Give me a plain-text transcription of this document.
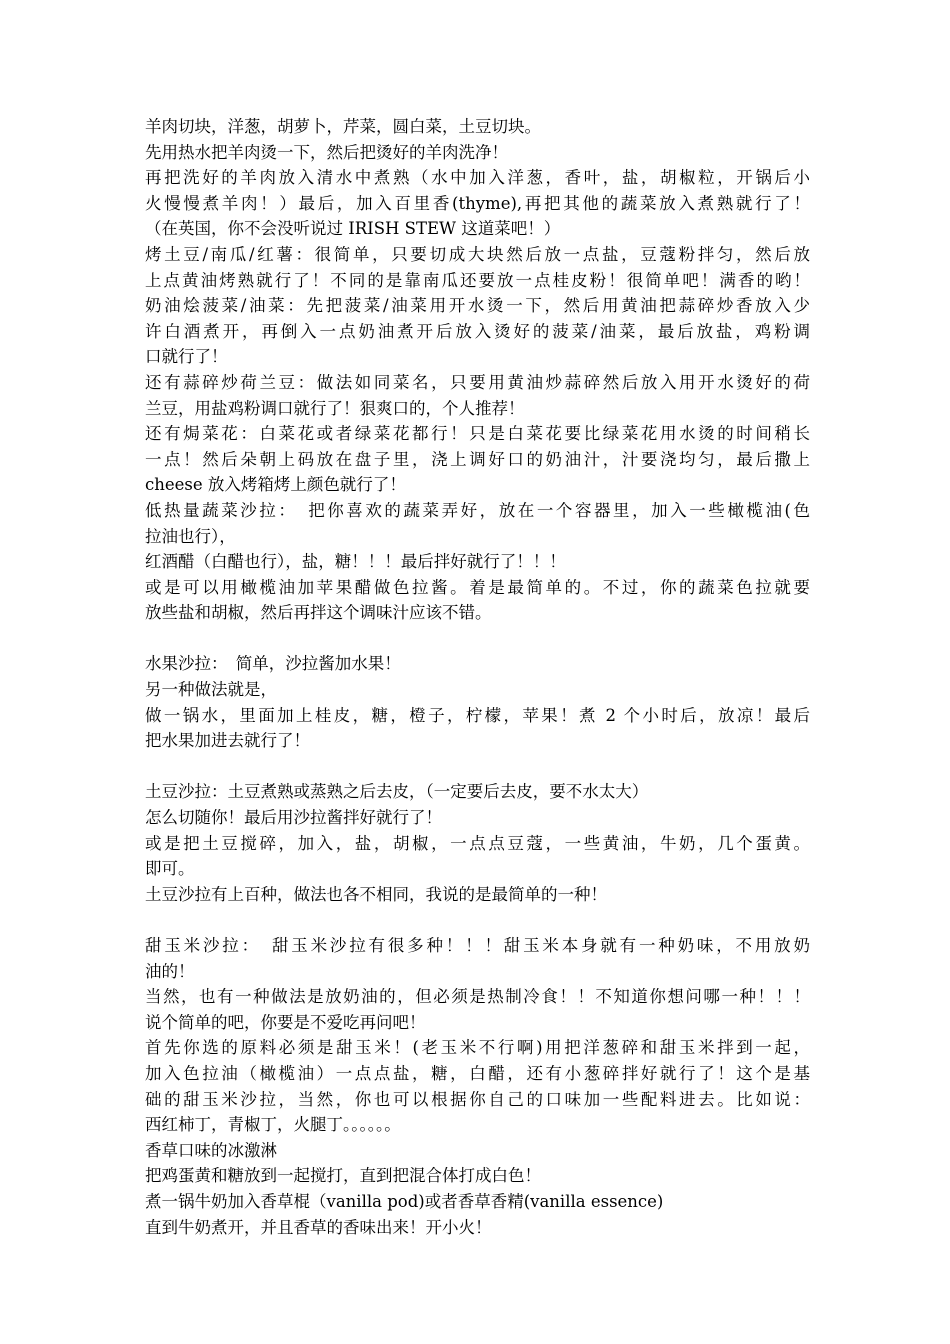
羊肉切块，洋葱，胡萝卜，芹菜，圆白菜，土豆切块。
先用热水把羊肉烫一下，然后把烫好的羊肉洗净！
再把洗好的羊肉放入清水中煮熟（水中加入洋葱，香叶，盐，胡椒粒，开锅后小
火慢慢煮羊肉！）最后，加入百里香(thyme),再把其他的蔬菜放入煮熟就行了！
（在英国，你不会没听说过 IRISH STEW 这道菜吧！）
烤土豆/南瓜/红薯：很简单，只要切成大块然后放一点盐，豆蔻粉拌匀，然后放
上点黄油烤熟就行了！不同的是靠南瓜还要放一点桂皮粉！很简单吧！满香的哟！
奶油烩菠菜/油菜：先把菠菜/油菜用开水烫一下，然后用黄油把蒜碎炒香放入少
许白酒煮开，再倒入一点奶油煮开后放入烫好的菠菜/油菜，最后放盐，鸡粉调
口就行了！
还有蒜碎炒荷兰豆：做法如同菜名，只要用黄油炒蒜碎然后放入用开水烫好的荷
兰豆，用盐鸡粉调口就行了！狠爽口的，个人推荐！
还有焗菜花：白菜花或者绿菜花都行！只是白菜花要比绿菜花用水烫的时间稍长
一点！然后朵朝上码放在盘子里，浇上调好口的奶油汁，汁要浇均匀，最后撒上
cheese 放入烤箱烤上颜色就行了！
低热量蔬菜沙拉：　把你喜欢的蔬菜弄好，放在一个容器里，加入一些橄榄油(色
拉油也行），
红酒醋（白醋也行），盐，糖！！！最后拌好就行了！！！
或是可以用橄榄油加苹果醋做色拉酱。着是最简单的。不过，你的蔬菜色拉就要
放些盐和胡椒，然后再拌这个调味汁应该不错。
水果沙拉：　简单，沙拉酱加水果！
另一种做法就是，
做一锅水，里面加上桂皮，糖，橙子，柠檬，苹果！煮 2 个小时后，放凉！最后
把水果加进去就行了！
土豆沙拉：土豆煮熟或蒸熟之后去皮，（一定要后去皮，要不水太大）
怎么切随你！最后用沙拉酱拌好就行了！
或是把土豆搅碎，加入，盐，胡椒，一点点豆蔻，一些黄油，牛奶，几个蛋黄。
即可。
土豆沙拉有上百种，做法也各不相同，我说的是最简单的一种！
甜玉米沙拉：　甜玉米沙拉有很多种！！！甜玉米本身就有一种奶味，不用放奶
油的！
当然，也有一种做法是放奶油的，但必须是热制冷食！！不知道你想问哪一种！！！
说个简单的吧，你要是不爱吃再问吧！
首先你选的原料必须是甜玉米！(老玉米不行啊)用把洋葱碎和甜玉米拌到一起，
加入色拉油（橄榄油）一点点盐，糖，白醋，还有小葱碎拌好就行了！这个是基
础的甜玉米沙拉，当然，你也可以根据你自己的口味加一些配料进去。比如说：
西红柿丁，青椒丁，火腿丁。。。。。。
香草口味的冰激淋
把鸡蛋黄和糖放到一起搅打，直到把混合体打成白色！
煮一锅牛奶加入香草棍（vanilla pod)或者香草香精(vanilla essence)
直到牛奶煮开，并且香草的香味出来！开小火！
